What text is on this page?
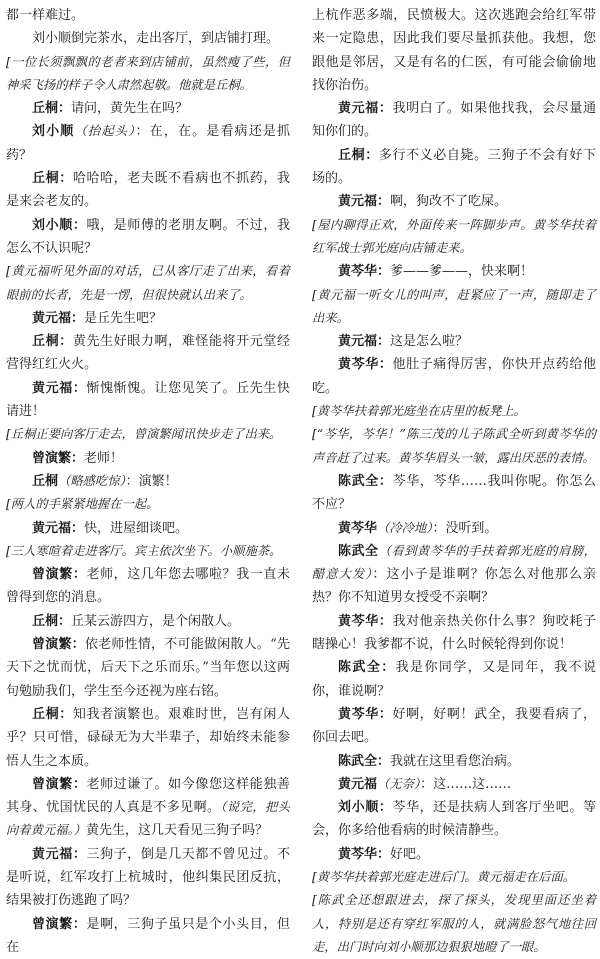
都一样难过。

刘小顺倒完茶水，走出客厅，到店铺打理。

[一位长须飘飘的老者来到店铺前，虽然瘦了些，但神采飞扬的样子令人肃然起敬。他就是丘桐。

丘桐：请问，黄先生在吗？

刘小顺（抬起头）：在，在。是看病还是抓药？

丘桐：哈哈哈，老夫既不看病也不抓药，我是来会老友的。

刘小顺：哦，是师傅的老朋友啊。不过，我怎么不认识呢？

[黄元福听见外面的对话，已从客厅走了出来，看着眼前的长者，先是一愣，但很快就认出来了。

黄元福：是丘先生吧？

丘桐：黄先生好眼力啊，难怪能将开元堂经营得红红火火。

黄元福：惭愧惭愧。让您见笑了。丘先生快请进！

[丘桐正要向客厅走去，曾演繁闻讯快步走了出来。

曾演繁：老师！

丘桐（略感吃惊）：演繁！

[两人的手紧紧地握在一起。

黄元福：快，进屋细谈吧。

[三人寒暄着走进客厅。宾主依次坐下。小顺施茶。

曾演繁：老师，这几年您去哪啦？我一直未曾得到您的消息。

丘桐：丘某云游四方，是个闲散人。

曾演繁：依老师性情，不可能做闲散人。“先天下之忧而忧，后天下之乐而乐。”当年您以这两句勉励我们，学生至今还视为座右铭。

丘桐：知我者演繁也。艰难时世，岂有闲人乎？只可惜，碌碌无为大半辈子，却始终未能参悟人生之本质。

曾演繁：老师过谦了。如今像您这样能独善其身、忧国忧民的人真是不多见啊。（说完，把头向着黄元福。）黄先生，这几天看见三狗子吗？

黄元福：三狗子，倒是几天都不曾见过。不是听说，红军攻打上杭城时，他纠集民团反抗，结果被打伤逃跑了吗？

曾演繁：是啊，三狗子虽只是个小头目，但在

上杭作恶多端，民愤极大。这次逃跑会给红军带来一定隐患，因此我们要尽量抓获他。我想，您跟他是邻居，又是有名的仁医，有可能会偷偷地找你治伤。

黄元福：我明白了。如果他找我，会尽量通知你们的。

丘桐：多行不义必自毙。三狗子不会有好下场的。

黄元福：啊，狗改不了吃屎。

[屋内聊得正欢，外面传来一阵脚步声。黄芩华扶着红军战士郭光庭向店铺走来。

黄芩华：爹——爹——，快来啊！

[黄元福一听女儿的叫声，赶紧应了一声，随即走了出来。

黄元福：这是怎么啦？

黄芩华：他肚子痛得厉害，你快开点药给他吃。

[黄芩华扶着郭光庭坐在店里的板凳上。

[“芩华，芩华！”陈三茂的儿子陈武全听到黄芩华的声音赶了过来。黄芩华眉头一皱，露出厌恶的表情。

陈武全：芩华，芩华……我叫你呢。你怎么不应？

黄芩华（冷冷地）：没听到。

陈武全（看到黄芩华的手扶着郭光庭的肩膀，醋意大发）：这小子是谁啊？你怎么对他那么亲热？你不知道男女授受不亲啊？

黄芩华：我对他亲热关你什么事？狗咬耗子瞎操心！我爹都不说，什么时候轮得到你说！

陈武全：我是你同学，又是同年，我不说你，谁说啊？

黄芩华：好啊，好啊！武全，我要看病了，你回去吧。

陈武全：我就在这里看您治病。

黄元福（无奈）：这……这……

刘小顺：芩华，还是扶病人到客厅坐吧。等会，你多给他看病的时候清静些。

黄芩华：好吧。

[黄芩华扶着郭光庭走进后门。黄元福走在后面。

[陈武全还想跟进去，探了探头，发现里面还坐着人，特别是还有穿红军服的人，就满脸怒气地往回走，出门时向刘小顺那边狠狠地瞪了一眼。
